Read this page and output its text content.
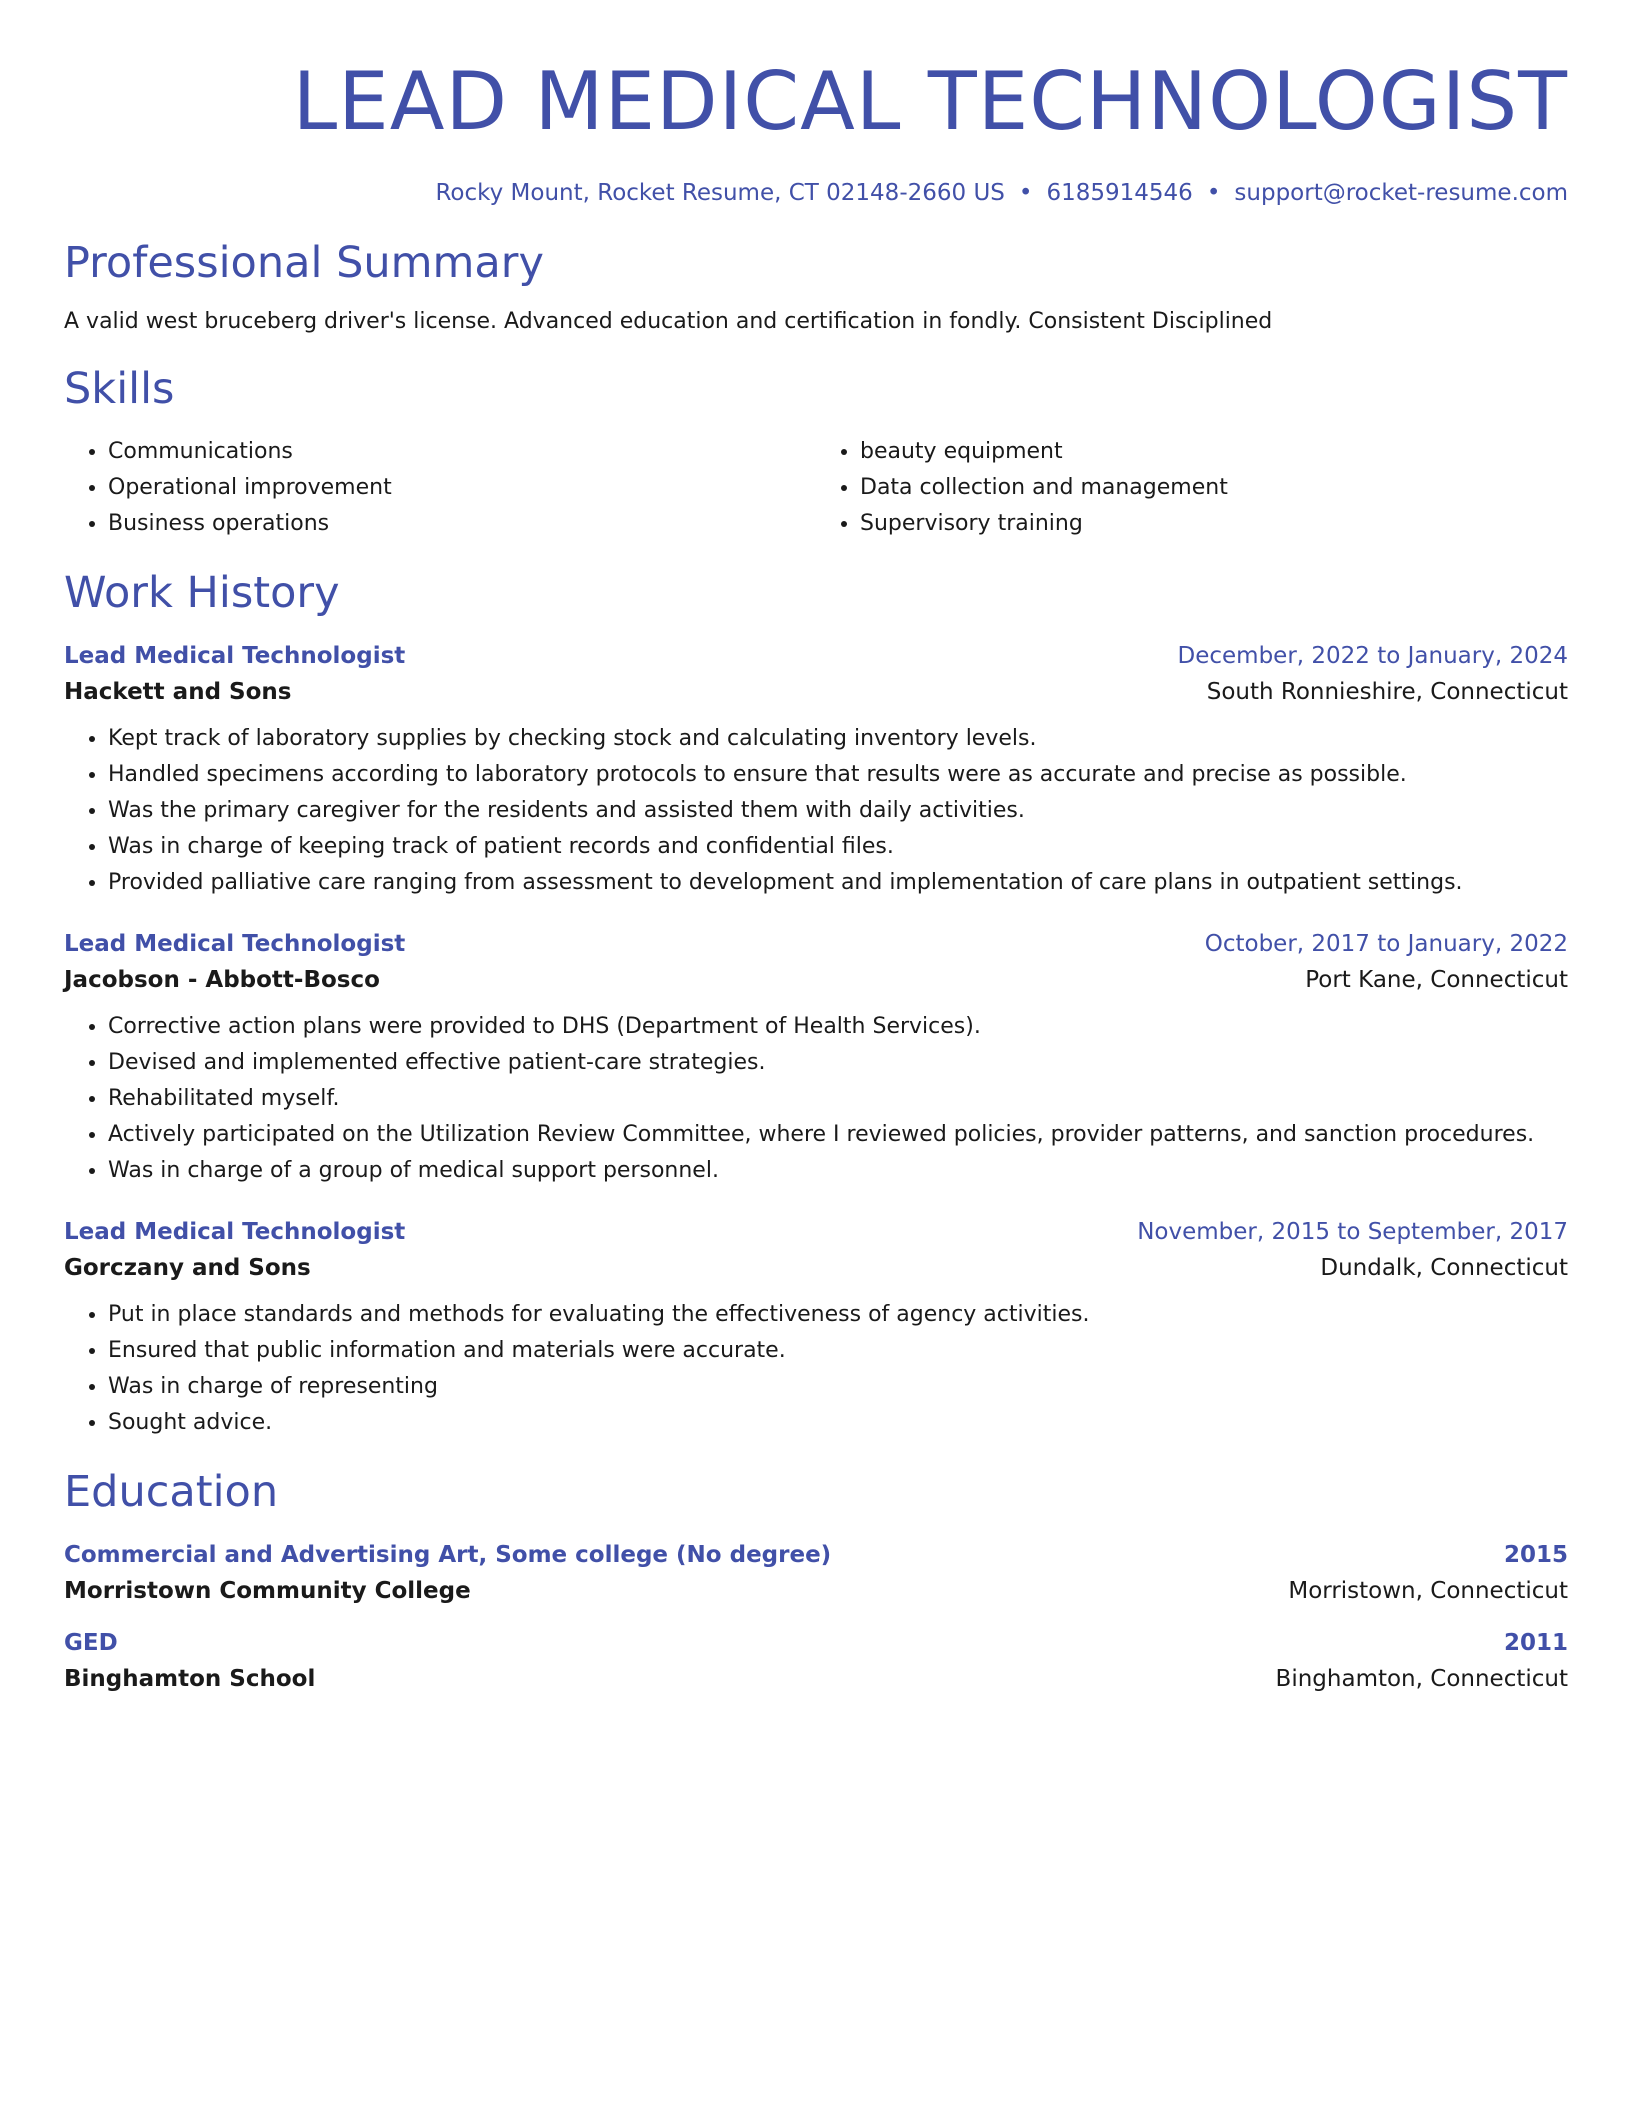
LEAD MEDICAL TECHNOLOGIST
Rocky Mount, Rocket Resume, CT 02148-2660 US • 6185914546 • support@rocket-resume.com
Professional Summary
A valid west bruceberg driver's license. Advanced education and certification in fondly. Consistent Disciplined
Skills
• Communications
• Operational improvement
• Business operations
• beauty equipment
• Data collection and management
• Supervisory training
Work History
Lead Medical Technologist	December, 2022 to January, 2024
Hackett and Sons	South Ronnieshire, Connecticut
• Kept track of laboratory supplies by checking stock and calculating inventory levels.
• Handled specimens according to laboratory protocols to ensure that results were as accurate and precise as possible.
• Was the primary caregiver for the residents and assisted them with daily activities.
• Was in charge of keeping track of patient records and confidential files.
• Provided palliative care ranging from assessment to development and implementation of care plans in outpatient settings.
Lead Medical Technologist	October, 2017 to January, 2022
Jacobson - Abbott-Bosco	Port Kane, Connecticut
• Corrective action plans were provided to DHS (Department of Health Services).
• Devised and implemented effective patient-care strategies.
• Rehabilitated myself.
• Actively participated on the Utilization Review Committee, where I reviewed policies, provider patterns, and sanction procedures.
• Was in charge of a group of medical support personnel.
Lead Medical Technologist	November, 2015 to September, 2017
Gorczany and Sons	Dundalk, Connecticut
• Put in place standards and methods for evaluating the effectiveness of agency activities.
• Ensured that public information and materials were accurate.
• Was in charge of representing
• Sought advice.
Education
Commercial and Advertising Art, Some college (No degree)	2015
Morristown Community College	Morristown, Connecticut
GED	2011
Binghamton School	Binghamton, Connecticut
